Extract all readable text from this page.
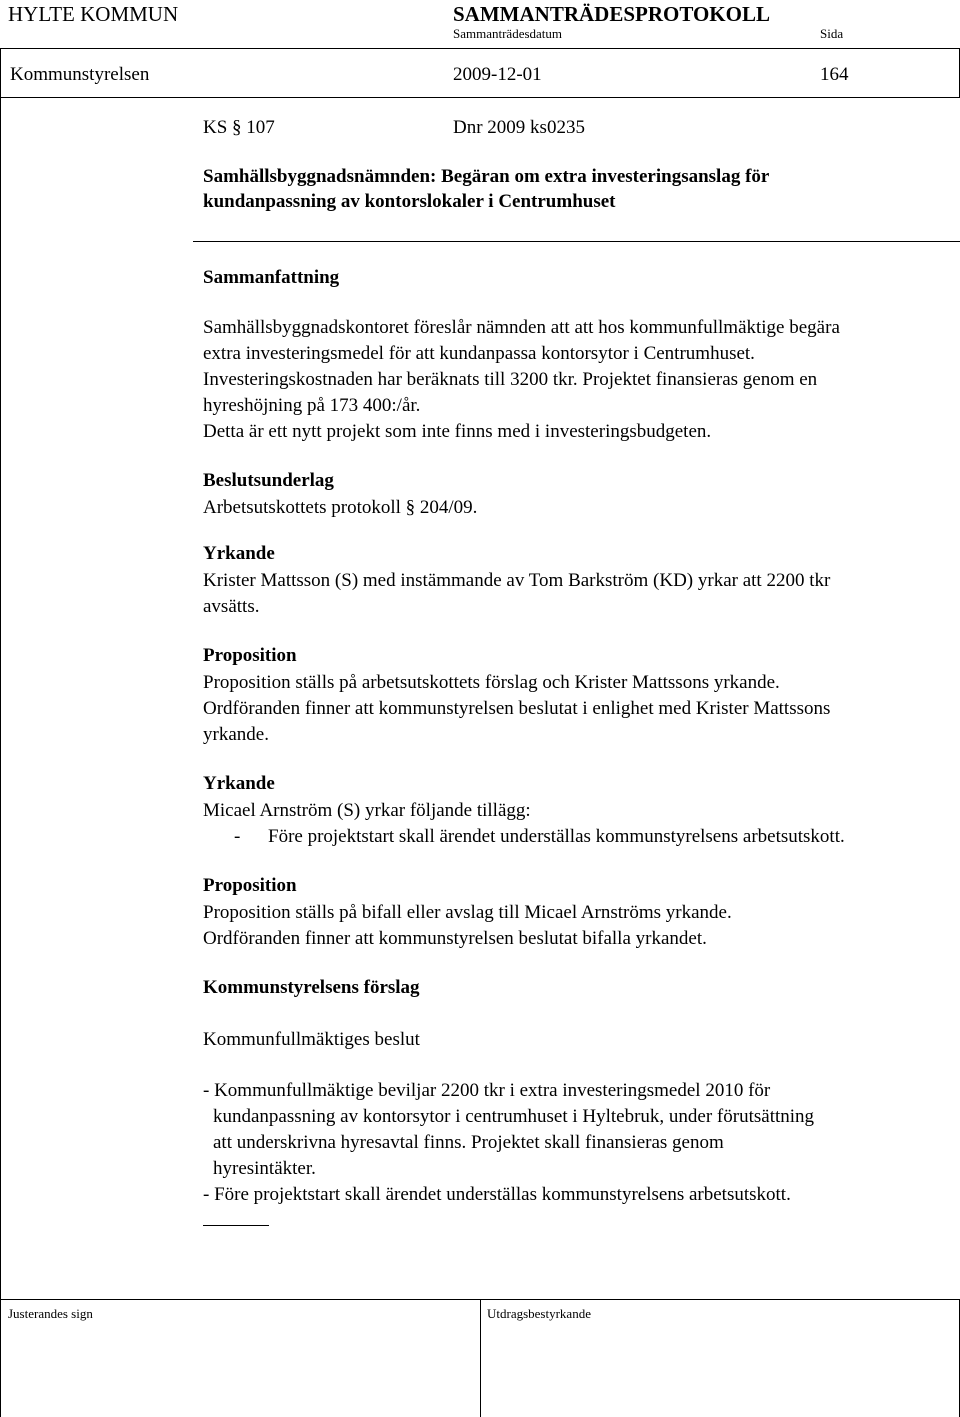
HYLTE KOMMUN	SAMMANTRÄDESPROTOKOLL
Sammanträdesdatum	Sida
Kommunstyrelsen	2009-12-01	164
KS § 107	Dnr 2009 ks0235
Samhällsbyggnadsnämnden: Begäran om extra investeringsanslag för
kundanpassning av kontorslokaler i Centrumhuset
Sammanfattning
Samhällsbyggnadskontoret föreslår nämnden att att hos kommunfullmäktige begära
extra investeringsmedel för att kundanpassa kontorsytor i Centrumhuset.
Investeringskostnaden har beräknats till 3200 tkr. Projektet finansieras genom en
hyreshöjning på 173 400:/år.
Detta är ett nytt projekt som inte finns med i investeringsbudgeten.
Beslutsunderlag
Arbetsutskottets protokoll § 204/09.
Yrkande
Krister Mattsson (S) med instämmande av Tom Barkström (KD) yrkar att 2200 tkr
avsätts.
Proposition
Proposition ställs på arbetsutskottets förslag och Krister Mattssons yrkande.
Ordföranden finner att kommunstyrelsen beslutat i enlighet med Krister Mattssons
yrkande.
Yrkande
Micael Arnström (S) yrkar följande tillägg:
- Före projektstart skall ärendet underställas kommunstyrelsens arbetsutskott.
Proposition
Proposition ställs på bifall eller avslag till Micael Arnströms yrkande.
Ordföranden finner att kommunstyrelsen beslutat bifalla yrkandet.
Kommunstyrelsens förslag
Kommunfullmäktiges beslut
- Kommunfullmäktige beviljar 2200 tkr i extra investeringsmedel 2010 för
kundanpassning av kontorsytor i centrumhuset i Hyltebruk, under förutsättning
att underskrivna hyresavtal finns. Projektet skall finansieras genom
hyresintäkter.
- Före projektstart skall ärendet underställas kommunstyrelsens arbetsutskott.
Justerandes sign	Utdragsbestyrkande
